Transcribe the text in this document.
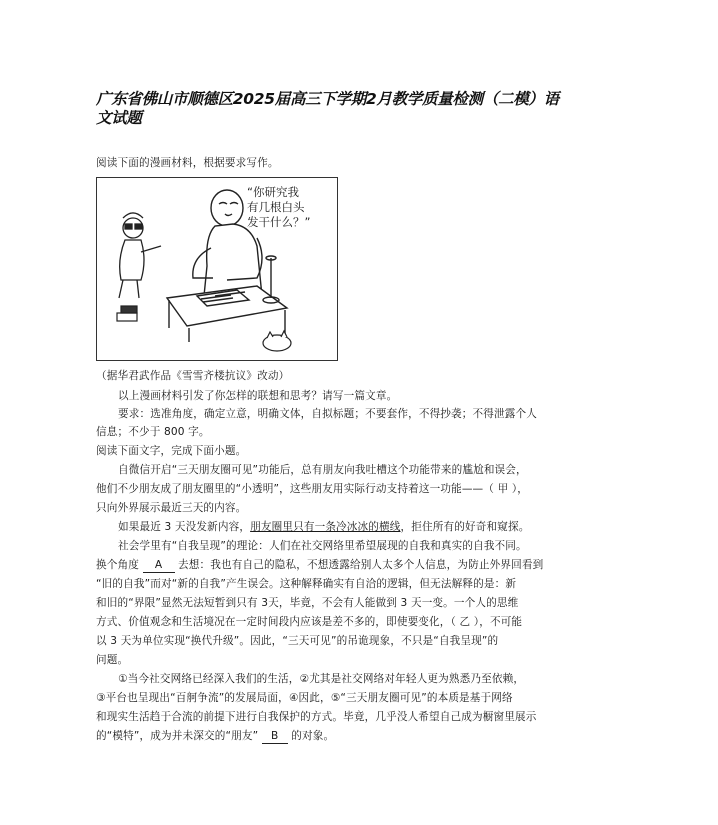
广东省佛山市顺德区2025届高三下学期2月教学质量检测（二模）语文试题
阅读下面的漫画材料，根据要求写作。
“你研究我
有几根白头
发干什么？”
（据华君武作品《雪雪齐楼抗议》改动）
以上漫画材料引发了你怎样的联想和思考？请写一篇文章。
要求：选准角度，确定立意，明确文体，自拟标题；不要套作，不得抄袭；不得泄露个人
信息；不少于 800 字。
阅读下面文字，完成下面小题。
自微信开启“三天朋友圈可见”功能后，总有朋友向我吐槽这个功能带来的尴尬和误会，
他们不少朋友成了朋友圈里的“小透明”，这些朋友用实际行动支持着这一功能——（ 甲 ），
只向外界展示最近三天的内容。
如果最近 3 天没发新内容，朋友圈里只有一条冷冰冰的横线，拒住所有的好奇和窥探。
社会学里有“自我呈现”的理论：人们在社交网络里希望展现的自我和真实的自我不同。
换个角度 A 去想：我也有自己的隐私，不想透露给别人太多个人信息，为防止外界回看到
“旧的自我”而对“新的自我”产生误会。这种解释确实有自洽的逻辑，但无法解释的是：新
和旧的“界限”显然无法短暂到只有 3天，毕竟，不会有人能做到 3 天一变。一个人的思维
方式、价值观念和生活境况在一定时间段内应该是差不多的，即使要变化，（ 乙 ），不可能
以 3 天为单位实现“换代升级”。因此，“三天可见”的吊诡现象，不只是“自我呈现”的
问题。
①当今社交网络已经深入我们的生活，②尤其是社交网络对年轻人更为熟悉乃至依赖，
③平台也呈现出“百舸争流”的发展局面，④因此，⑤“三天朋友圈可见”的本质是基于网络
和现实生活趋于合流的前提下进行自我保护的方式。毕竟，几乎没人希望自己成为橱窗里展示
的“模特”，成为并未深交的“朋友” B 的对象。
